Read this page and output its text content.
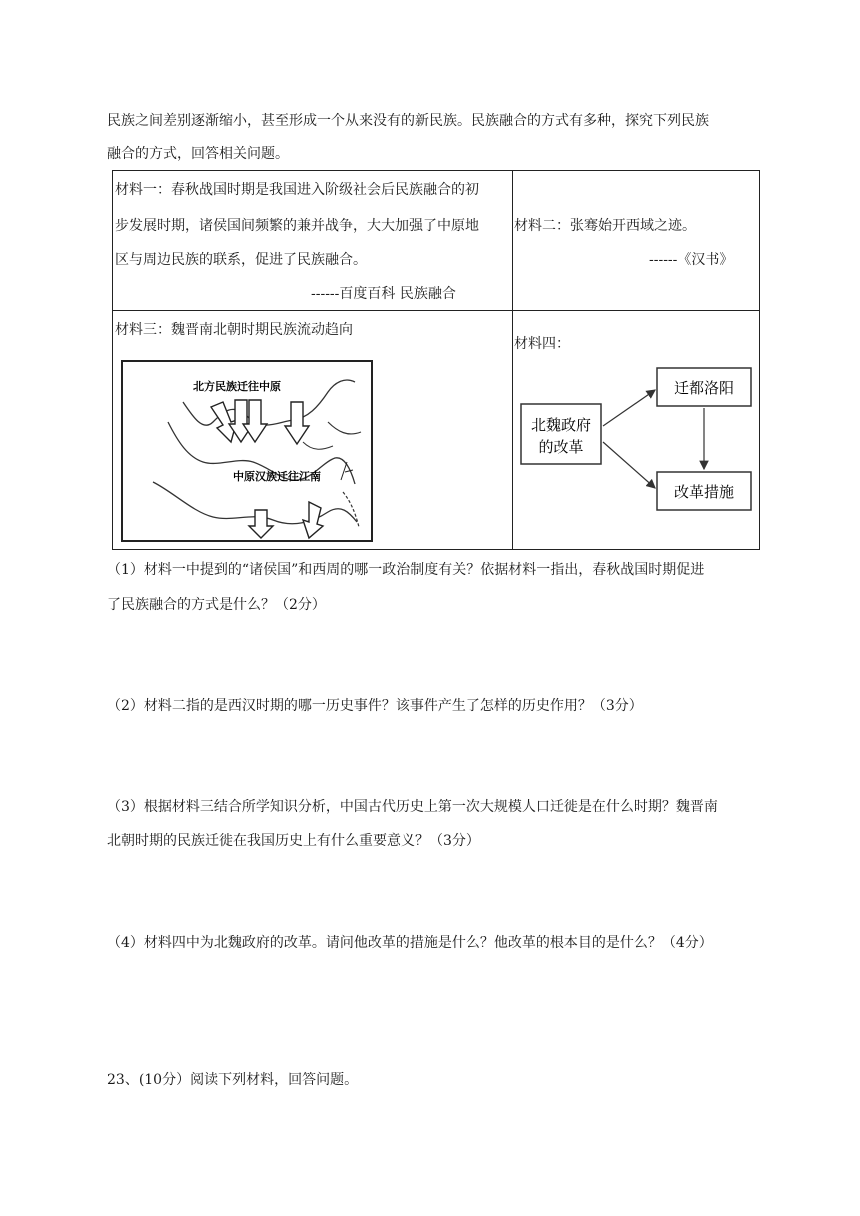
民族之间差别逐渐缩小，甚至形成一个从来没有的新民族。民族融合的方式有多种，探究下列民族
融合的方式，回答相关问题。
材料一：春秋战国时期是我国进入阶级社会后民族融合的初
步发展时期，诸侯国间频繁的兼并战争，大大加强了中原地
区与周边民族的联系，促进了民族融合。
------百度百科 民族融合
材料二：张骞始开西域之迹。
------《汉书》
材料三：魏晋南北朝时期民族流动趋向
北方民族迁往中原
中原汉族迁往江南
材料四：
北魏政府
的改革
迁都洛阳
改革措施
（1）材料一中提到的“诸侯国”和西周的哪一政治制度有关？依据材料一指出，春秋战国时期促进
了民族融合的方式是什么？（2分）
（2）材料二指的是西汉时期的哪一历史事件？该事件产生了怎样的历史作用？（3分）
（3）根据材料三结合所学知识分析，中国古代历史上第一次大规模人口迁徙是在什么时期？魏晋南
北朝时期的民族迁徙在我国历史上有什么重要意义？（3分）
（4）材料四中为北魏政府的改革。请问他改革的措施是什么？他改革的根本目的是什么？（4分）
23、(10分）阅读下列材料，回答问题。
